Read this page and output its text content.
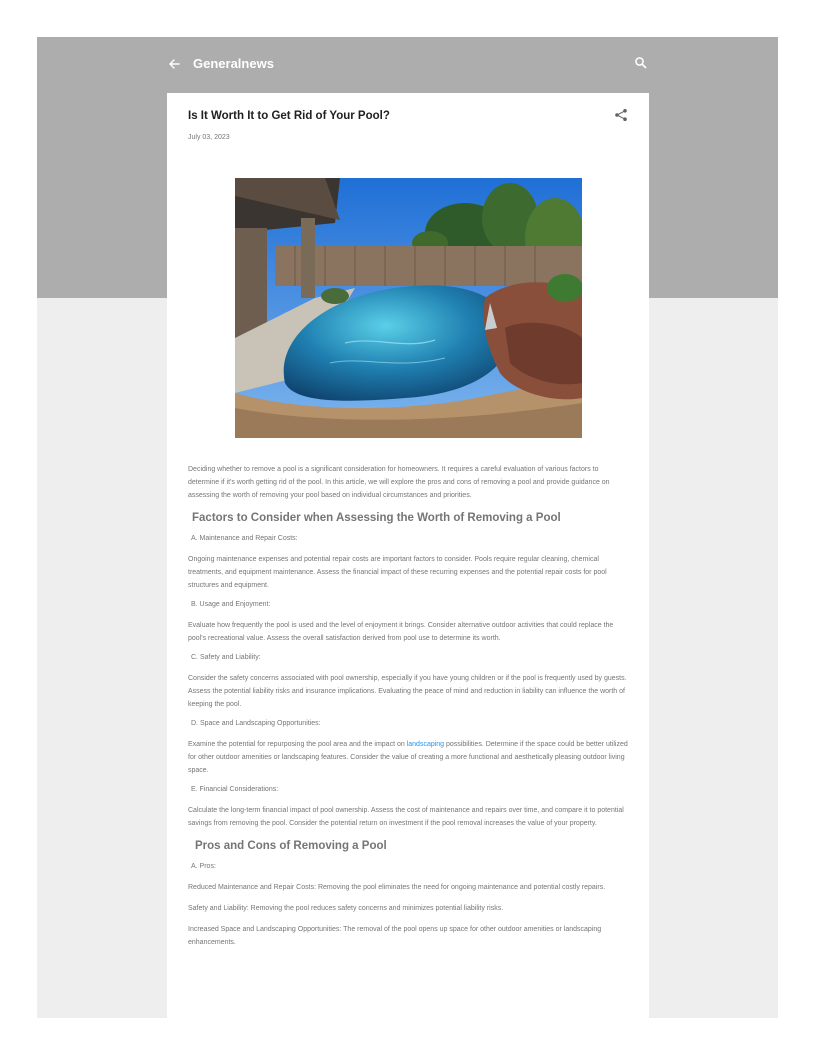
Generalnews
Is It Worth It to Get Rid of Your Pool?
July 03, 2023

Deciding whether to remove a pool is a significant consideration for homeowners. It requires a careful evaluation of various factors to determine if it's worth getting rid of the pool. In this article, we will explore the pros and cons of removing a pool and provide guidance on assessing the worth of removing your pool based on individual circumstances and priorities.

Factors to Consider when Assessing the Worth of Removing a Pool
A. Maintenance and Repair Costs:

Ongoing maintenance expenses and potential repair costs are important factors to consider. Pools require regular cleaning, chemical treatments, and equipment maintenance. Assess the financial impact of these recurring expenses and the potential repair costs for pool structures and equipment.

B. Usage and Enjoyment:

Evaluate how frequently the pool is used and the level of enjoyment it brings. Consider alternative outdoor activities that could replace the pool's recreational value. Assess the overall satisfaction derived from pool use to determine its worth.

C. Safety and Liability:

Consider the safety concerns associated with pool ownership, especially if you have young children or if the pool is frequently used by guests. Assess the potential liability risks and insurance implications. Evaluating the peace of mind and reduction in liability can influence the worth of keeping the pool.

D. Space and Landscaping Opportunities:

Examine the potential for repurposing the pool area and the impact on landscaping possibilities. Determine if the space could be better utilized for other outdoor amenities or landscaping features. Consider the value of creating a more functional and aesthetically pleasing outdoor living space.

E. Financial Considerations:

Calculate the long-term financial impact of pool ownership. Assess the cost of maintenance and repairs over time, and compare it to potential savings from removing the pool. Consider the potential return on investment if the pool removal increases the value of your property.

Pros and Cons of Removing a Pool
A. Pros:

Reduced Maintenance and Repair Costs: Removing the pool eliminates the need for ongoing maintenance and potential costly repairs.

Safety and Liability: Removing the pool reduces safety concerns and minimizes potential liability risks.

Increased Space and Landscaping Opportunities: The removal of the pool opens up space for other outdoor amenities or landscaping enhancements.
